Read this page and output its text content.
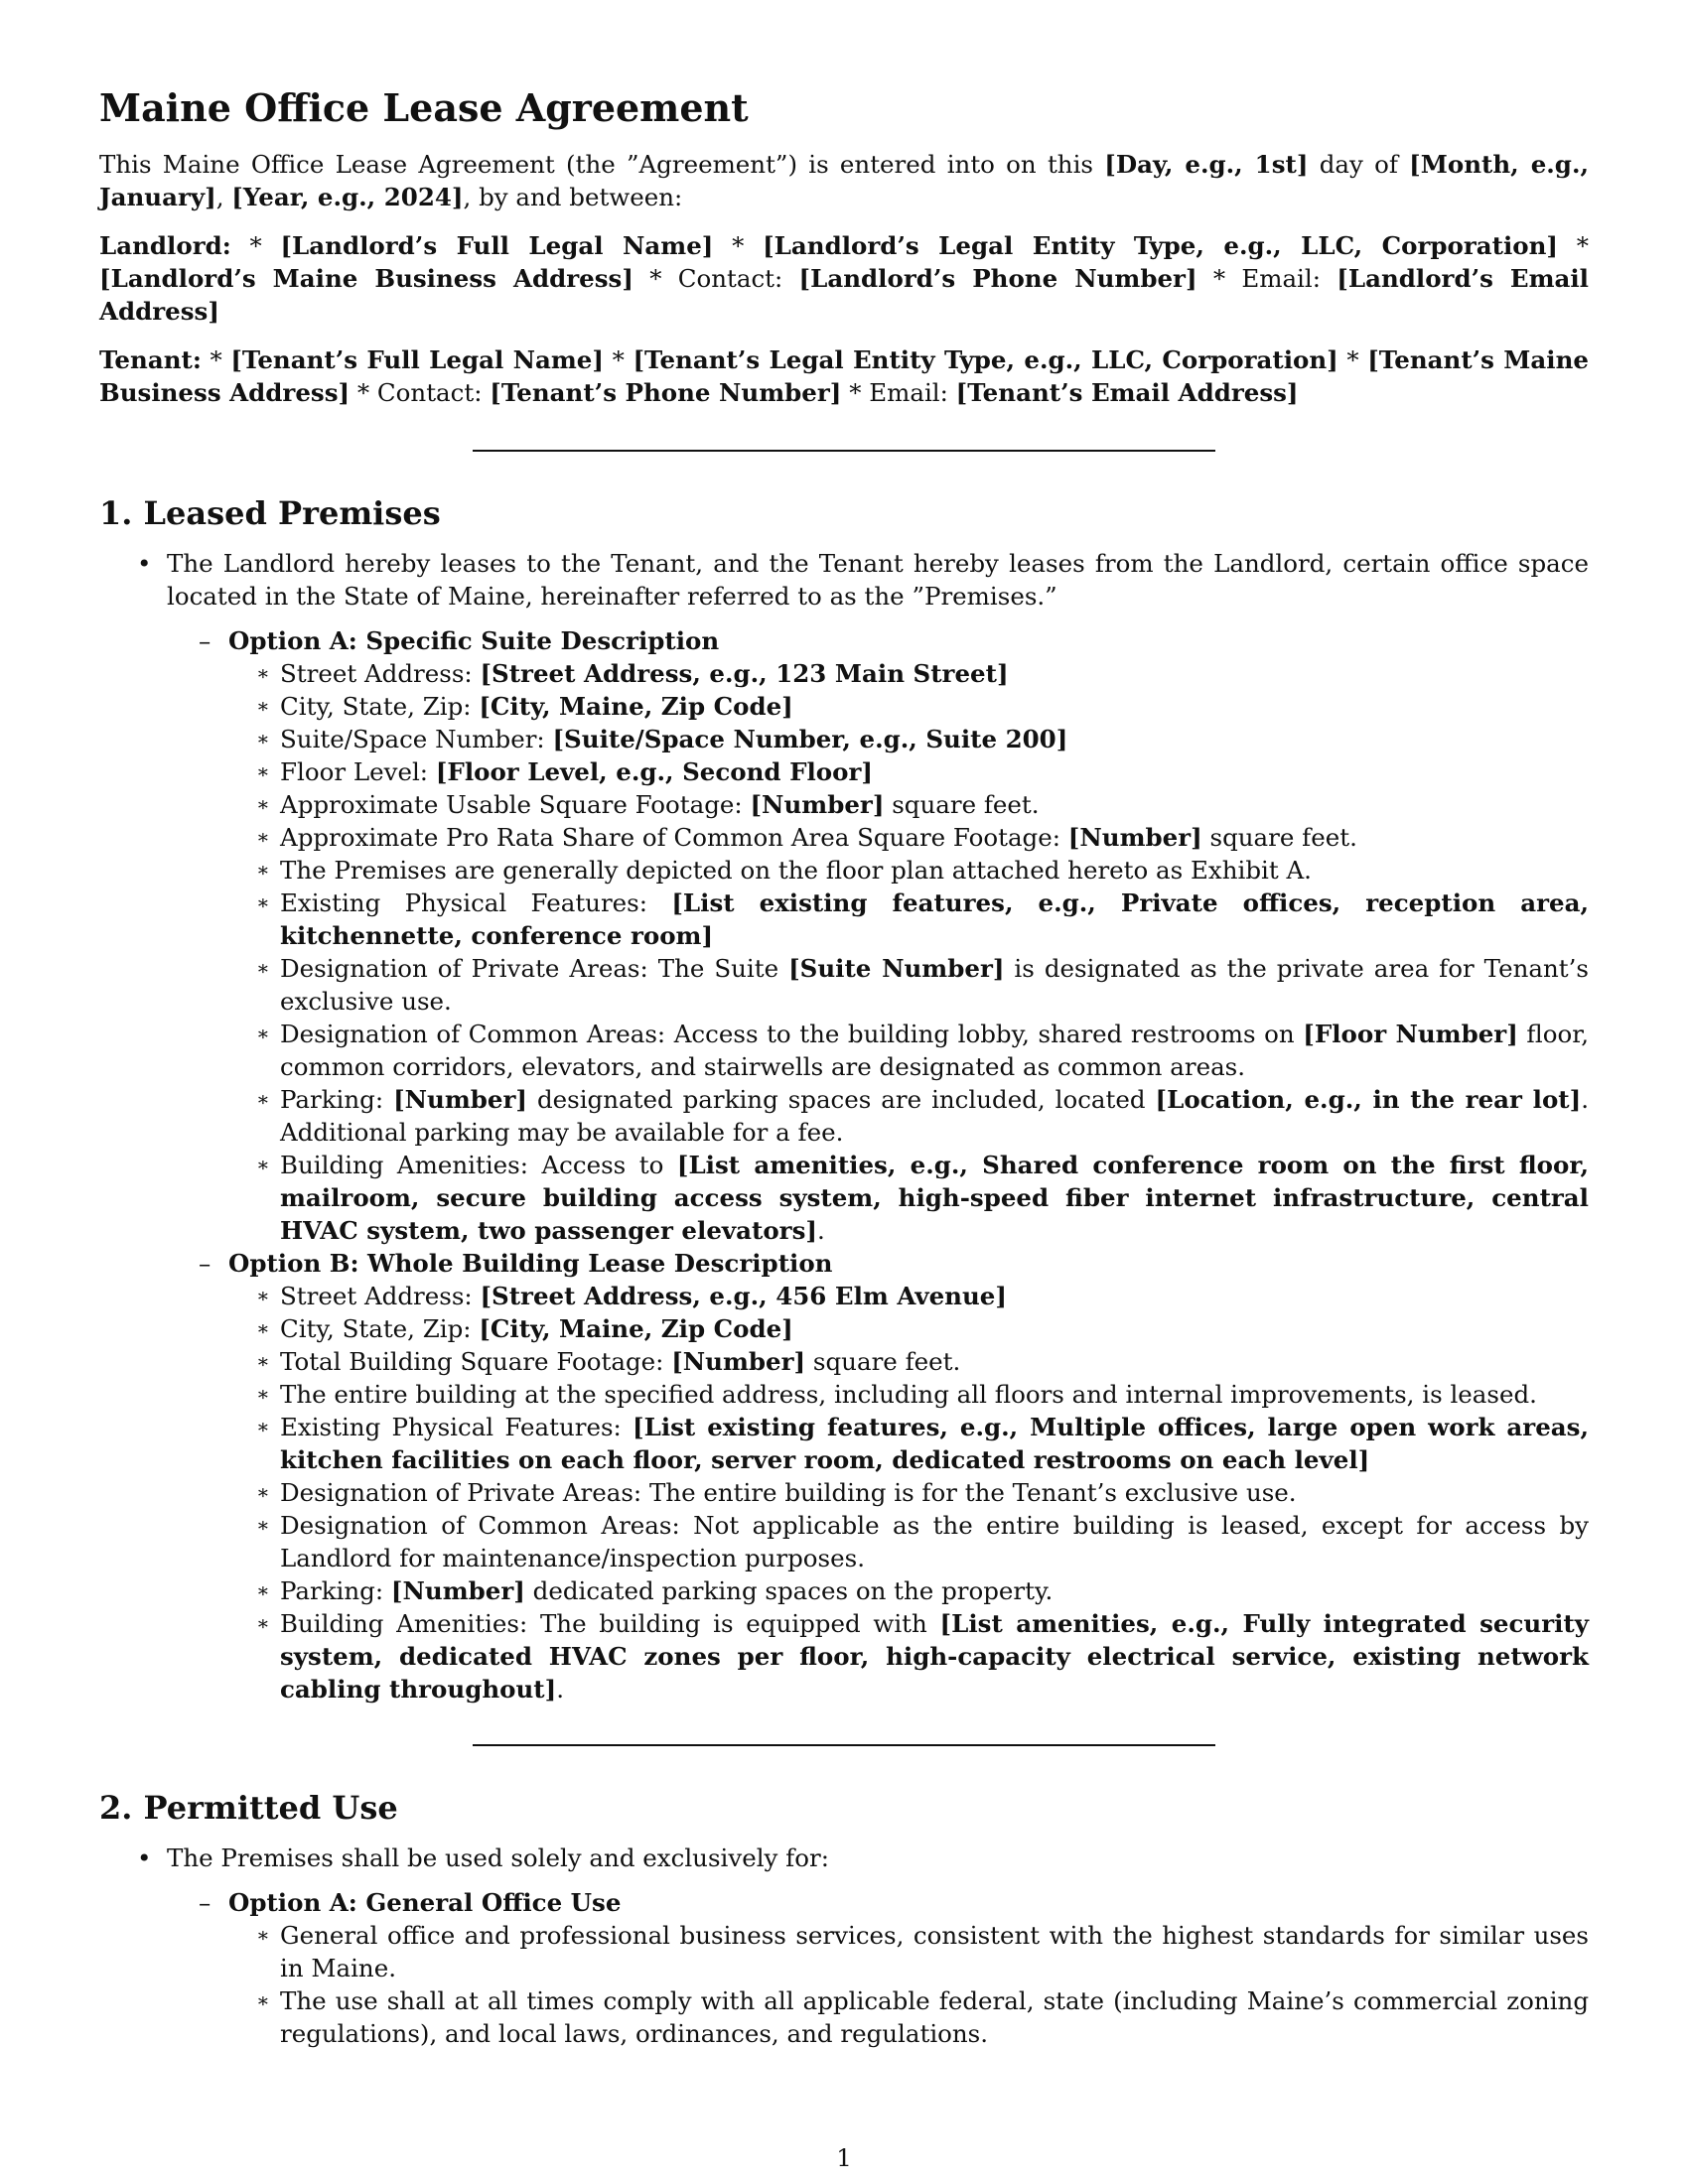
Maine Office Lease Agreement

This Maine Office Lease Agreement (the ”Agreement”) is entered into on this [Day, e.g., 1st] day of [Month, e.g., January], [Year, e.g., 2024], by and between:

Landlord: * [Landlord’s Full Legal Name] * [Landlord’s Legal Entity Type, e.g., LLC, Corporation] * [Landlord’s Maine Business Address] * Contact: [Landlord’s Phone Number] * Email: [Landlord’s Email Address]

Tenant: * [Tenant’s Full Legal Name] * [Tenant’s Legal Entity Type, e.g., LLC, Corporation] * [Tenant’s Maine Business Address] * Contact: [Tenant’s Phone Number] * Email: [Tenant’s Email Address]

1. Leased Premises
• The Landlord hereby leases to the Tenant, and the Tenant hereby leases from the Landlord, certain office space located in the State of Maine, hereinafter referred to as the ”Premises.”
– Option A: Specific Suite Description
∗ Street Address: [Street Address, e.g., 123 Main Street]
∗ City, State, Zip: [City, Maine, Zip Code]
∗ Suite/Space Number: [Suite/Space Number, e.g., Suite 200]
∗ Floor Level: [Floor Level, e.g., Second Floor]
∗ Approximate Usable Square Footage: [Number] square feet.
∗ Approximate Pro Rata Share of Common Area Square Footage: [Number] square feet.
∗ The Premises are generally depicted on the floor plan attached hereto as Exhibit A.
∗ Existing Physical Features: [List existing features, e.g., Private offices, reception area, kitchennette, conference room]
∗ Designation of Private Areas: The Suite [Suite Number] is designated as the private area for Tenant’s exclusive use.
∗ Designation of Common Areas: Access to the building lobby, shared restrooms on [Floor Number] floor, common corridors, elevators, and stairwells are designated as common areas.
∗ Parking: [Number] designated parking spaces are included, located [Location, e.g., in the rear lot]. Additional parking may be available for a fee.
∗ Building Amenities: Access to [List amenities, e.g., Shared conference room on the first floor, mailroom, secure building access system, high-speed fiber internet infrastructure, central HVAC system, two passenger elevators].
– Option B: Whole Building Lease Description
∗ Street Address: [Street Address, e.g., 456 Elm Avenue]
∗ City, State, Zip: [City, Maine, Zip Code]
∗ Total Building Square Footage: [Number] square feet.
∗ The entire building at the specified address, including all floors and internal improvements, is leased.
∗ Existing Physical Features: [List existing features, e.g., Multiple offices, large open work areas, kitchen facilities on each floor, server room, dedicated restrooms on each level]
∗ Designation of Private Areas: The entire building is for the Tenant’s exclusive use.
∗ Designation of Common Areas: Not applicable as the entire building is leased, except for access by Landlord for maintenance/inspection purposes.
∗ Parking: [Number] dedicated parking spaces on the property.
∗ Building Amenities: The building is equipped with [List amenities, e.g., Fully integrated security system, dedicated HVAC zones per floor, high-capacity electrical service, existing network cabling throughout].
2. Permitted Use
• The Premises shall be used solely and exclusively for:
– Option A: General Office Use
∗ General office and professional business services, consistent with the highest standards for similar uses in Maine.
∗ The use shall at all times comply with all applicable federal, state (including Maine’s commercial zoning regulations), and local laws, ordinances, and regulations.
1
